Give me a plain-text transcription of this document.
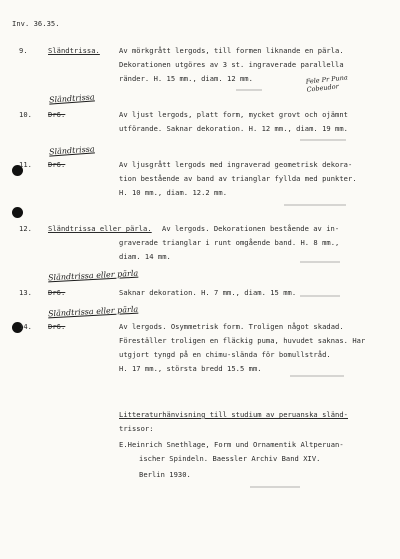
Inv. 36.35.
9.	Sländtrissa.	Av mörkgrått lergods, till formen liknande en pärla.
Dekorationen utgöres av 3 st. ingraverade parallella
ränder. H. 15 mm., diam. 12 mm.	Fele Pr Puna Cobeudor
Sländtrissa
10. Dr6.	Av ljust lergods, platt form, mycket grovt och ojämnt
utförande. Saknar dekoration. H. 12 mm., diam. 19 mm.
Sländtrissa
11. Dr6.	Av ljusgrått lergods med ingraverad geometrisk dekora-
tion bestående av band av trianglar fyllda med punkter.
H. 10 mm., diam. 12.2 mm.
12. Sländtrissa eller pärla. Av lergods. Dekorationen bestående av in-
graverade trianglar i runt omgående band. H. 8 mm.,
diam. 14 mm.
Sländtrissa eller pärla
13. Dr6.	Saknar dekoration. H. 7 mm., diam. 15 mm.
Sländtrissa eller pärla
14. Dr6.	Av lergods. Osymmetrisk form. Troligen något skadad.
Föreställer troligen en fläckig puma, huvudet saknas. Har
utgjort tyngd på en chimu-slända för bomullstråd.
H. 17 mm., största bredd 15.5 mm.
Litteraturhänvisning till studium av peruanska sländ-
trissor:
E.Heinrich Snethlage, Form und Ornamentik Altperuan-
ischer Spindeln. Baessler Archiv Band XIV.
Berlin 1930.
